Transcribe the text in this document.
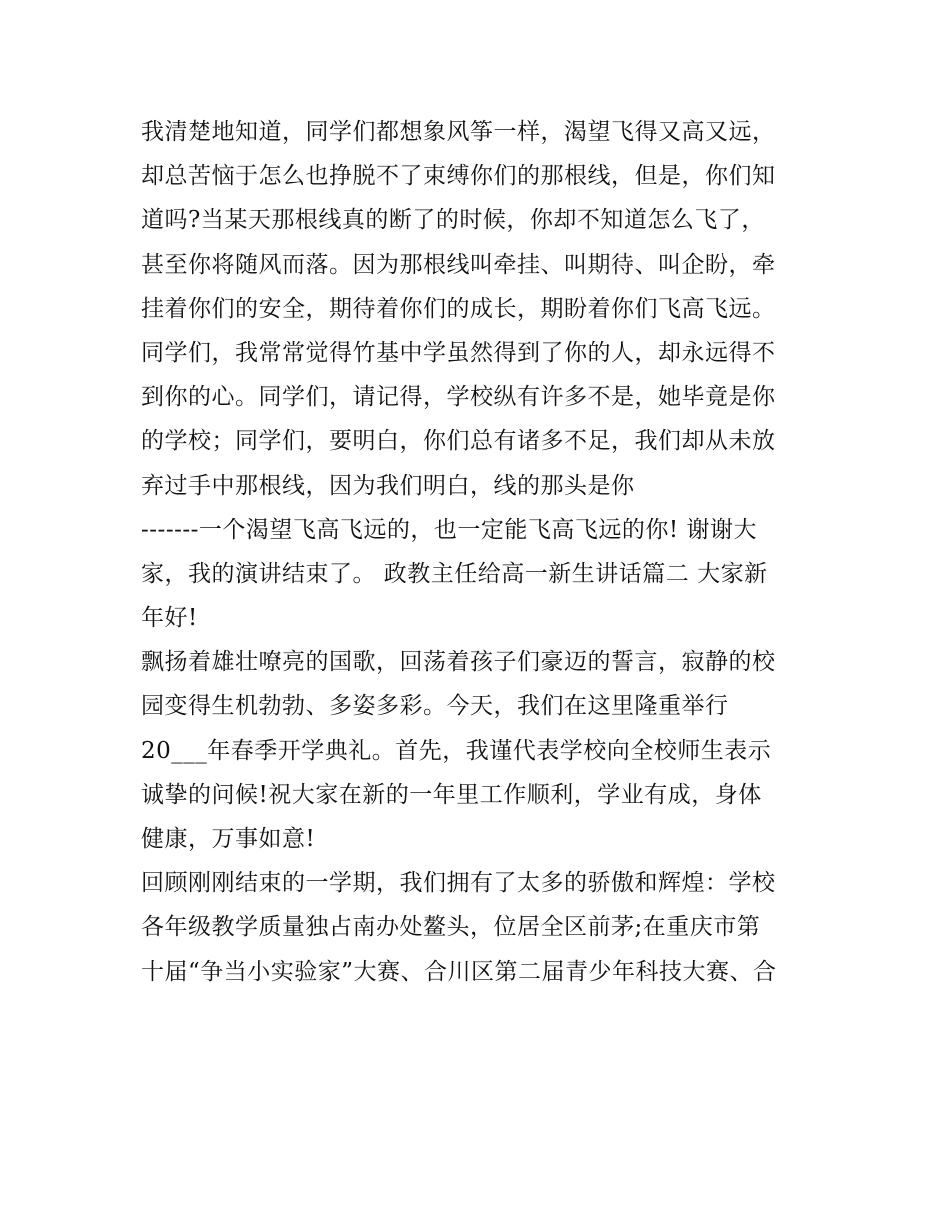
我清楚地知道，同学们都想象风筝一样，渴望飞得又高又远，
却总苦恼于怎么也挣脱不了束缚你们的那根线，但是，你们知
道吗?当某天那根线真的断了的时候，你却不知道怎么飞了，
甚至你将随风而落。因为那根线叫牵挂、叫期待、叫企盼，牵
挂着你们的安全，期待着你们的成长，期盼着你们飞高飞远。
同学们，我常常觉得竹基中学虽然得到了你的人，却永远得不
到你的心。同学们，请记得，学校纵有许多不是，她毕竟是你
的学校；同学们，要明白，你们总有诸多不足，我们却从未放
弃过手中那根线，因为我们明白，线的那头是你
-------一个渴望飞高飞远的，也一定能飞高飞远的你! 谢谢大
家，我的演讲结束了。 政教主任给高一新生讲话篇二 大家新
年好!
飘扬着雄壮嘹亮的国歌，回荡着孩子们豪迈的誓言，寂静的校
园变得生机勃勃、多姿多彩。今天，我们在这里隆重举行
20___年春季开学典礼。首先，我谨代表学校向全校师生表示
诚挚的问候!祝大家在新的一年里工作顺利，学业有成，身体
健康，万事如意!
回顾刚刚结束的一学期，我们拥有了太多的骄傲和辉煌：学校
各年级教学质量独占南办处鳌头，位居全区前茅;在重庆市第
十届“争当小实验家”大赛、合川区第二届青少年科技大赛、合
